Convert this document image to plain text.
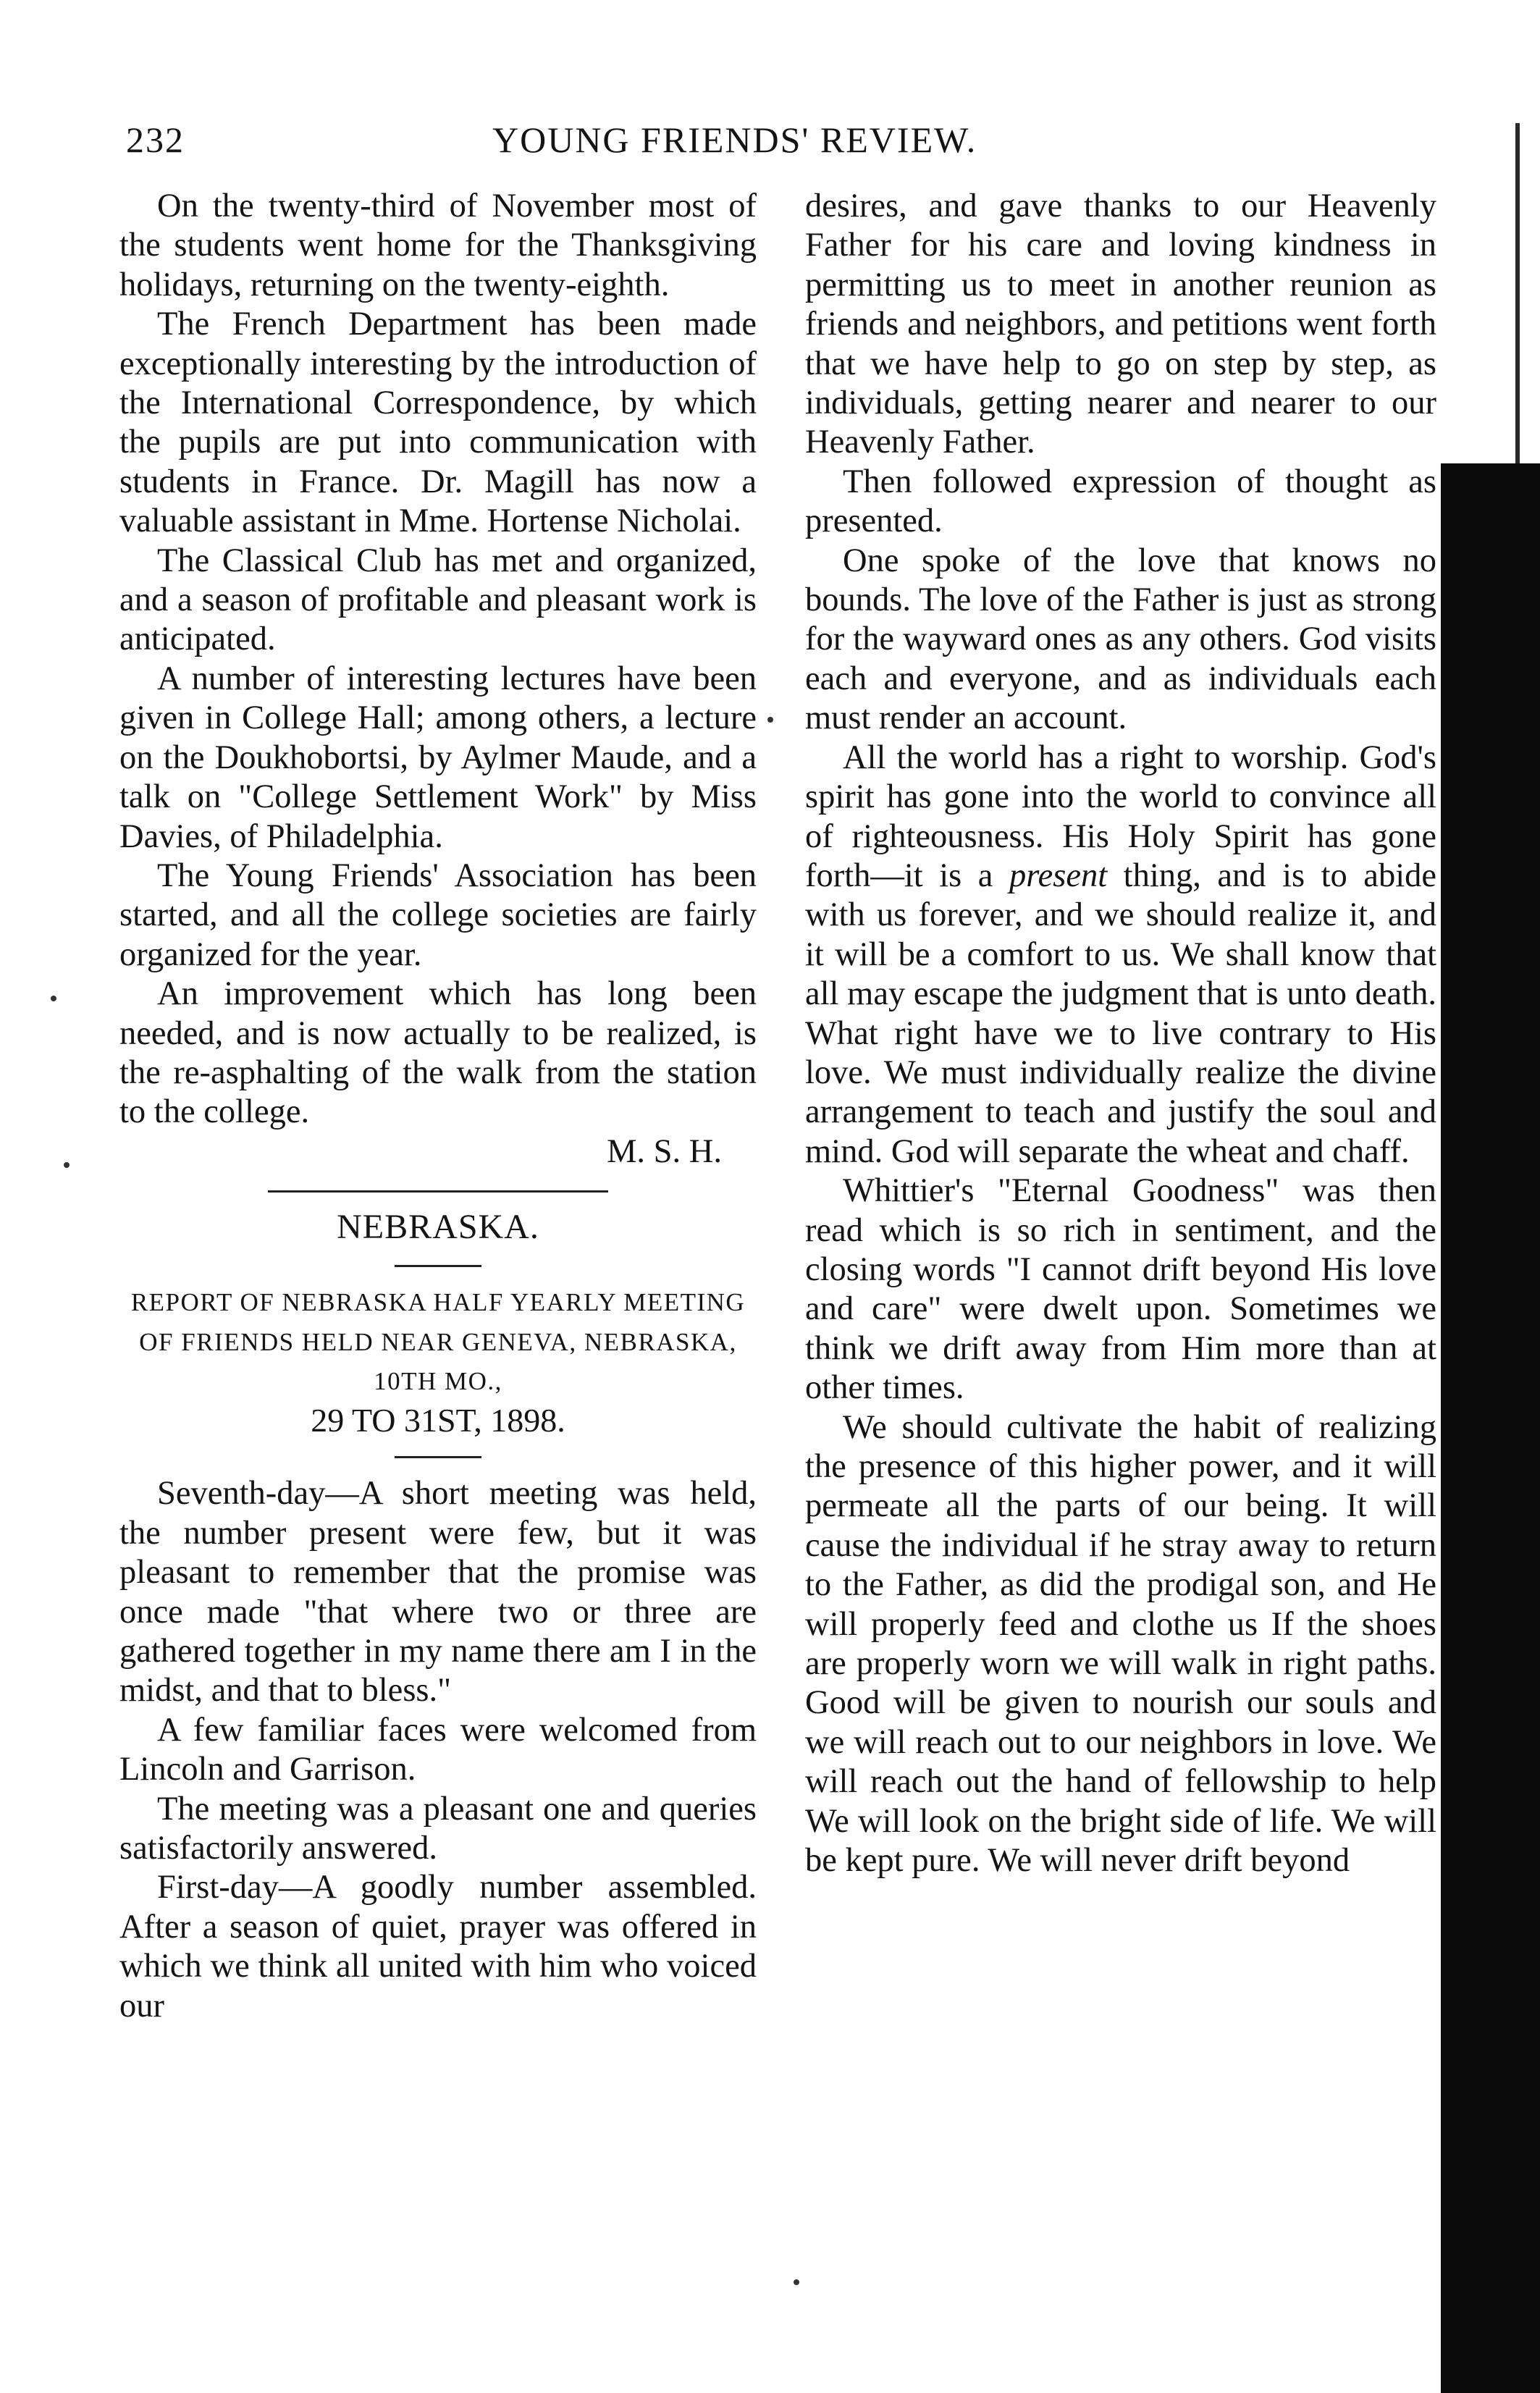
232	YOUNG FRIENDS' REVIEW.

On the twenty-third of November most of the students went home for the Thanksgiving holidays, returning on the twenty-eighth.

The French Department has been made exceptionally interesting by the introduction of the International Correspondence, by which the pupils are put into communication with students in France. Dr. Magill has now a valuable assistant in Mme. Hortense Nicholai.

The Classical Club has met and organized, and a season of profitable and pleasant work is anticipated.

A number of interesting lectures have been given in College Hall; among others, a lecture on the Doukhobortsi, by Aylmer Maude, and a talk on "College Settlement Work" by Miss Davies, of Philadelphia.

The Young Friends' Association has been started, and all the college societies are fairly organized for the year.

An improvement which has long been needed, and is now actually to be realized, is the re-asphalting of the walk from the station to the college.

M. S. H.

NEBRASKA.

REPORT OF NEBRASKA HALF YEARLY MEETING OF FRIENDS HELD NEAR GENEVA, NEBRASKA, 10TH MO.,

29 TO 31ST, 1898.

Seventh-day—A short meeting was held, the number present were few, but it was pleasant to remember that the promise was once made "that where two or three are gathered together in my name there am I in the midst, and that to bless."

A few familiar faces were welcomed from Lincoln and Garrison.

The meeting was a pleasant one and queries satisfactorily answered.

First-day—A goodly number assembled. After a season of quiet, prayer was offered in which we think all united with him who voiced our

desires, and gave thanks to our Heavenly Father for his care and loving kindness in permitting us to meet in another reunion as friends and neighbors, and petitions went forth that we have help to go on step by step, as individuals, getting nearer and nearer to our Heavenly Father.

Then followed expression of thought as presented.

One spoke of the love that knows no bounds. The love of the Father is just as strong for the wayward ones as any others. God visits each and everyone, and as individuals each must render an account.

All the world has a right to worship. God's spirit has gone into the world to convince all of righteousness. His Holy Spirit has gone forth—it is a present thing, and is to abide with us forever, and we should realize it, and it will be a comfort to us. We shall know that all may escape the judgment that is unto death. What right have we to live contrary to His love. We must individually realize the divine arrangement to teach and justify the soul and mind. God will separate the wheat and chaff.

Whittier's "Eternal Goodness" was then read which is so rich in sentiment, and the closing words "I cannot drift beyond His love and care" were dwelt upon. Sometimes we think we drift away from Him more than at other times.

We should cultivate the habit of realizing the presence of this higher power, and it will permeate all the parts of our being. It will cause the individual if he stray away to return to the Father, as did the prodigal son, and He will properly feed and clothe us If the shoes are properly worn we will walk in right paths. Good will be given to nourish our souls and we will reach out to our neighbors in love. We will reach out the hand of fellowship to help We will look on the bright side of life. We will be kept pure. We will never drift beyond
